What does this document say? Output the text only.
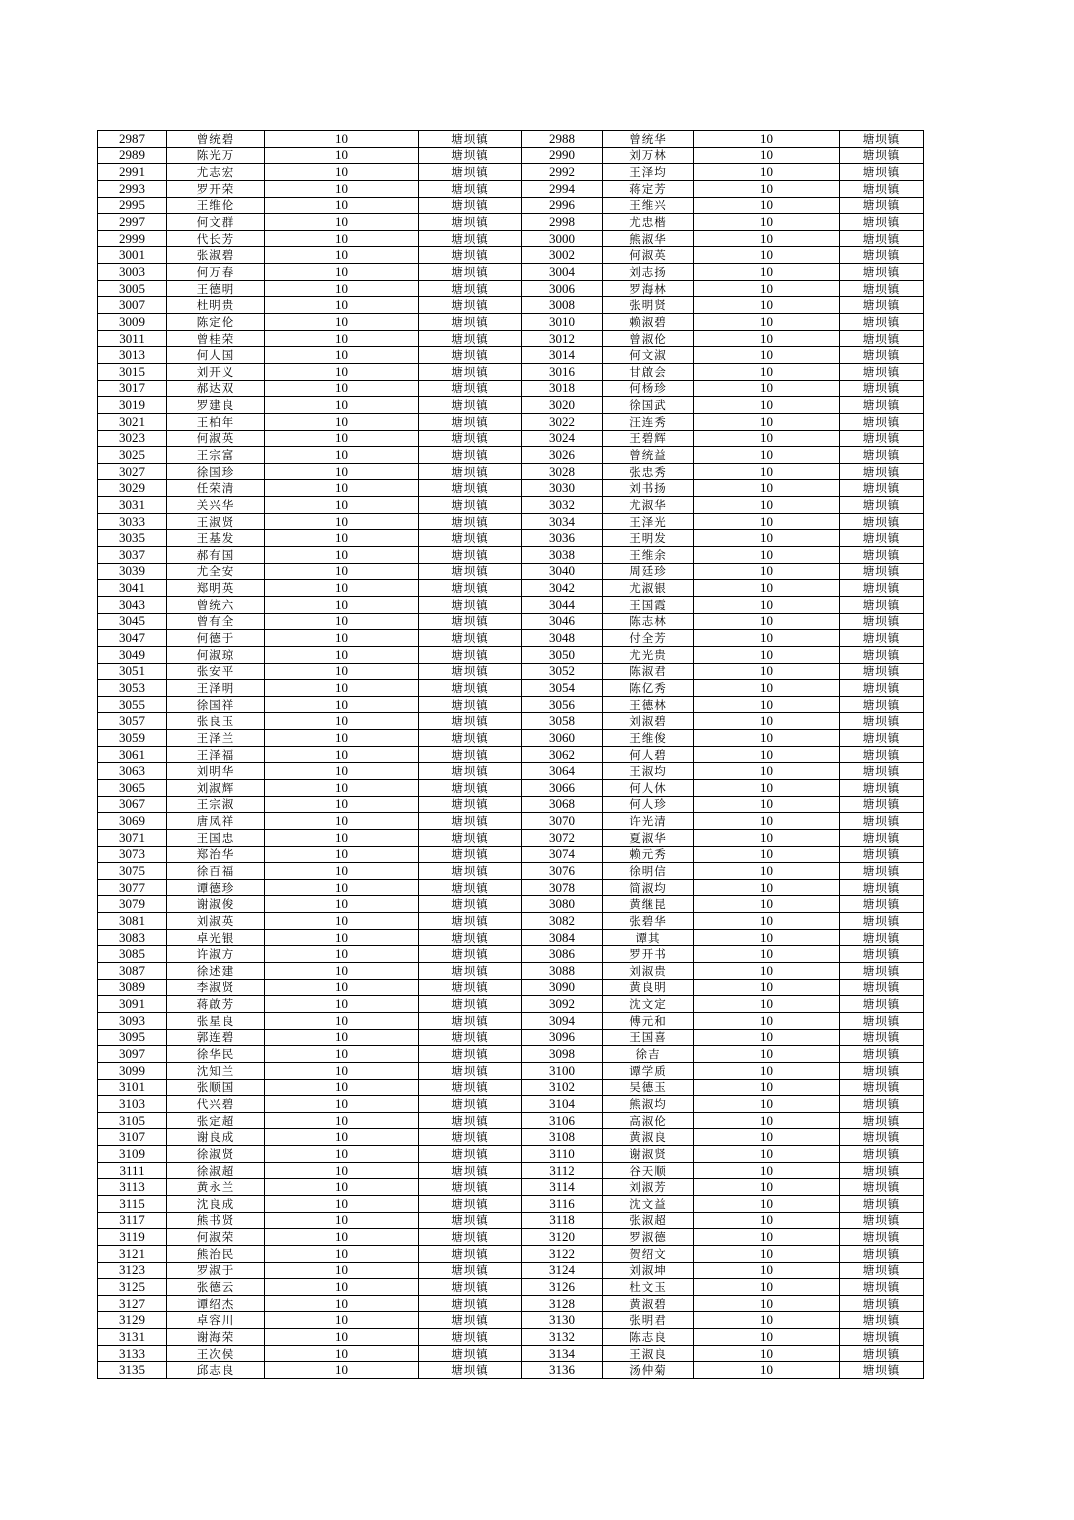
2987	曾统碧	10	塘坝镇	2988	曾统华	10	塘坝镇
2989	陈光万	10	塘坝镇	2990	刘万林	10	塘坝镇
2991	尤志宏	10	塘坝镇	2992	王泽均	10	塘坝镇
2993	罗开荣	10	塘坝镇	2994	蒋定芳	10	塘坝镇
2995	王维伦	10	塘坝镇	2996	王维兴	10	塘坝镇
2997	何文群	10	塘坝镇	2998	尤忠楷	10	塘坝镇
2999	代长芳	10	塘坝镇	3000	熊淑华	10	塘坝镇
3001	张淑碧	10	塘坝镇	3002	何淑英	10	塘坝镇
3003	何万春	10	塘坝镇	3004	刘志扬	10	塘坝镇
3005	王德明	10	塘坝镇	3006	罗海林	10	塘坝镇
3007	杜明贵	10	塘坝镇	3008	张明贤	10	塘坝镇
3009	陈定伦	10	塘坝镇	3010	赖淑碧	10	塘坝镇
3011	曾桂荣	10	塘坝镇	3012	曾淑伦	10	塘坝镇
3013	何人国	10	塘坝镇	3014	何文淑	10	塘坝镇
3015	刘开义	10	塘坝镇	3016	甘啟会	10	塘坝镇
3017	郝达双	10	塘坝镇	3018	何杨珍	10	塘坝镇
3019	罗建良	10	塘坝镇	3020	徐国武	10	塘坝镇
3021	王柏年	10	塘坝镇	3022	汪连秀	10	塘坝镇
3023	何淑英	10	塘坝镇	3024	王碧辉	10	塘坝镇
3025	王宗富	10	塘坝镇	3026	曾统益	10	塘坝镇
3027	徐国珍	10	塘坝镇	3028	张忠秀	10	塘坝镇
3029	任荣清	10	塘坝镇	3030	刘书扬	10	塘坝镇
3031	关兴华	10	塘坝镇	3032	尤淑华	10	塘坝镇
3033	王淑贤	10	塘坝镇	3034	王泽光	10	塘坝镇
3035	王基发	10	塘坝镇	3036	王明发	10	塘坝镇
3037	郝有国	10	塘坝镇	3038	王维余	10	塘坝镇
3039	尤全安	10	塘坝镇	3040	周廷珍	10	塘坝镇
3041	郑明英	10	塘坝镇	3042	尤淑银	10	塘坝镇
3043	曾统六	10	塘坝镇	3044	王国霞	10	塘坝镇
3045	曾有全	10	塘坝镇	3046	陈志林	10	塘坝镇
3047	何德于	10	塘坝镇	3048	付全芳	10	塘坝镇
3049	何淑琼	10	塘坝镇	3050	尤光贵	10	塘坝镇
3051	张安平	10	塘坝镇	3052	陈淑君	10	塘坝镇
3053	王泽明	10	塘坝镇	3054	陈亿秀	10	塘坝镇
3055	徐国祥	10	塘坝镇	3056	王德林	10	塘坝镇
3057	张良玉	10	塘坝镇	3058	刘淑碧	10	塘坝镇
3059	王泽兰	10	塘坝镇	3060	王维俊	10	塘坝镇
3061	王泽福	10	塘坝镇	3062	何人碧	10	塘坝镇
3063	刘明华	10	塘坝镇	3064	王淑均	10	塘坝镇
3065	刘淑辉	10	塘坝镇	3066	何人休	10	塘坝镇
3067	王宗淑	10	塘坝镇	3068	何人珍	10	塘坝镇
3069	唐凤祥	10	塘坝镇	3070	许光清	10	塘坝镇
3071	王国忠	10	塘坝镇	3072	夏淑华	10	塘坝镇
3073	郑治华	10	塘坝镇	3074	赖元秀	10	塘坝镇
3075	徐百福	10	塘坝镇	3076	徐明信	10	塘坝镇
3077	谭德珍	10	塘坝镇	3078	简淑均	10	塘坝镇
3079	谢淑俊	10	塘坝镇	3080	黄继昆	10	塘坝镇
3081	刘淑英	10	塘坝镇	3082	张碧华	10	塘坝镇
3083	卓光银	10	塘坝镇	3084	谭其	10	塘坝镇
3085	许淑方	10	塘坝镇	3086	罗开书	10	塘坝镇
3087	徐述建	10	塘坝镇	3088	刘淑贵	10	塘坝镇
3089	李淑贤	10	塘坝镇	3090	黄良明	10	塘坝镇
3091	蒋啟芳	10	塘坝镇	3092	沈文定	10	塘坝镇
3093	张星良	10	塘坝镇	3094	傅元和	10	塘坝镇
3095	郭连碧	10	塘坝镇	3096	王国喜	10	塘坝镇
3097	徐华民	10	塘坝镇	3098	徐吉	10	塘坝镇
3099	沈知兰	10	塘坝镇	3100	谭学质	10	塘坝镇
3101	张顺国	10	塘坝镇	3102	吴德玉	10	塘坝镇
3103	代兴碧	10	塘坝镇	3104	熊淑均	10	塘坝镇
3105	张定超	10	塘坝镇	3106	高淑伦	10	塘坝镇
3107	谢良成	10	塘坝镇	3108	黄淑良	10	塘坝镇
3109	徐淑贤	10	塘坝镇	3110	谢淑贤	10	塘坝镇
3111	徐淑超	10	塘坝镇	3112	谷天顺	10	塘坝镇
3113	黄永兰	10	塘坝镇	3114	刘淑芳	10	塘坝镇
3115	沈良成	10	塘坝镇	3116	沈文益	10	塘坝镇
3117	熊书贤	10	塘坝镇	3118	张淑超	10	塘坝镇
3119	何淑荣	10	塘坝镇	3120	罗淑德	10	塘坝镇
3121	熊治民	10	塘坝镇	3122	贺绍文	10	塘坝镇
3123	罗淑于	10	塘坝镇	3124	刘淑坤	10	塘坝镇
3125	张德云	10	塘坝镇	3126	杜文玉	10	塘坝镇
3127	谭绍杰	10	塘坝镇	3128	黄淑碧	10	塘坝镇
3129	卓容川	10	塘坝镇	3130	张明君	10	塘坝镇
3131	谢海荣	10	塘坝镇	3132	陈志良	10	塘坝镇
3133	王次侯	10	塘坝镇	3134	王淑良	10	塘坝镇
3135	邱志良	10	塘坝镇	3136	汤仲菊	10	塘坝镇
